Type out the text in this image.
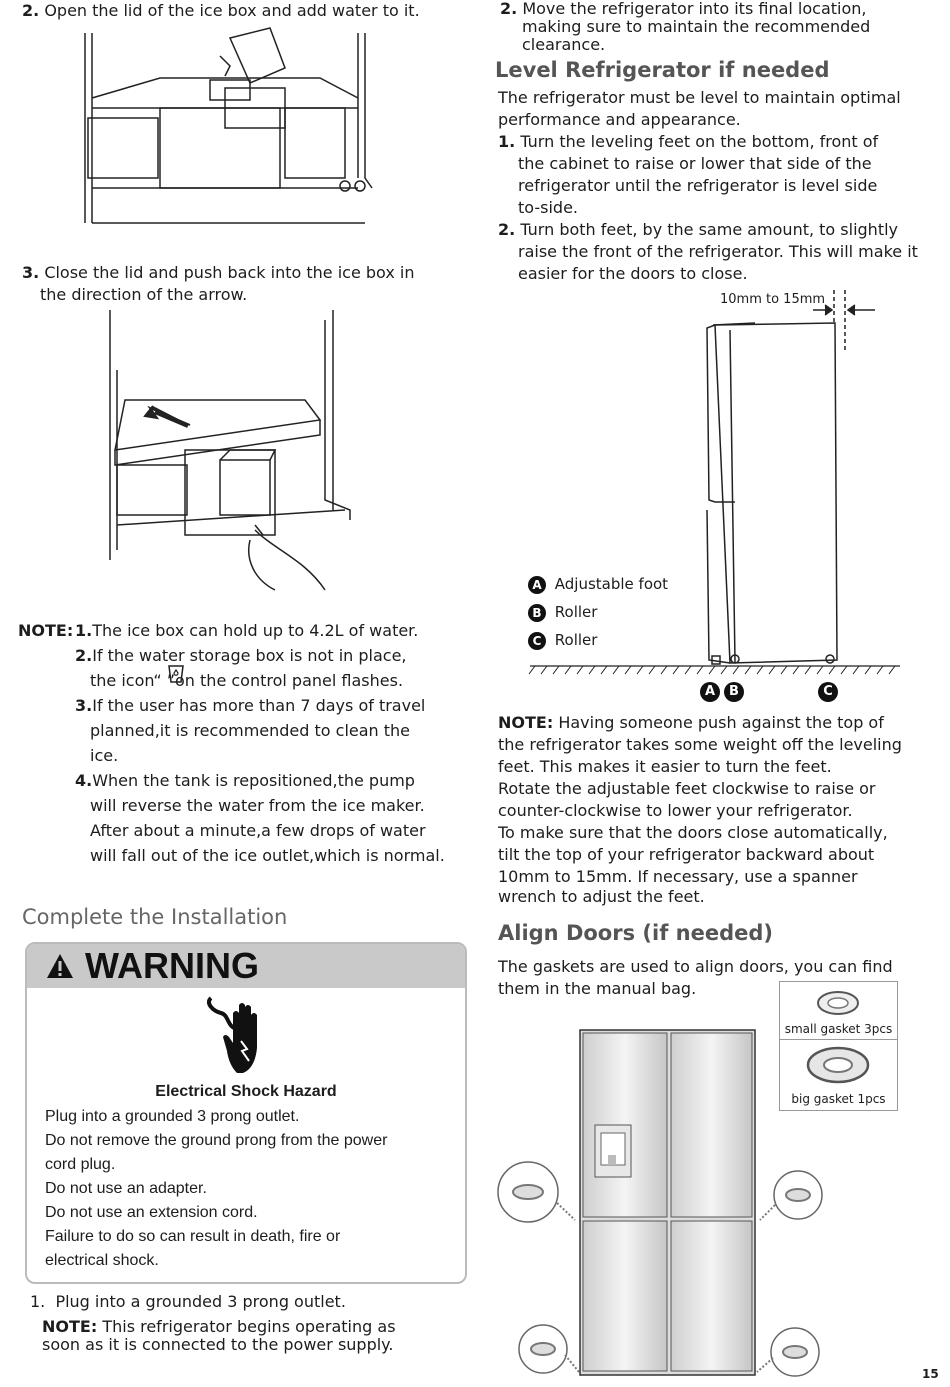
2. Open the lid of the ice box and add water to it.
3. Close the lid and push back into the ice box in
the direction of the arrow.
NOTE: 1. The ice box can hold up to 4.2L of water.
2. If the water storage box is not in place,
the icon“ ”on the control panel flashes.
3. If the user has more than 7 days of travel
planned,it is recommended to clean the
ice.
4. When the tank is repositioned,the pump
will reverse the water from the ice maker.
After about a minute,a few drops of water
will fall out of the ice outlet,which is normal.
Complete the Installation
WARNING
Electrical Shock Hazard
Plug into a grounded 3 prong outlet.
Do not remove the ground prong from the power
cord plug.
Do not use an adapter.
Do not use an extension cord.
Failure to do so can result in death, fire or
electrical shock.
1. Plug into a grounded 3 prong outlet.
NOTE: This refrigerator begins operating as
soon as it is connected to the power supply.
2. Move the refrigerator into its final location,
making sure to maintain the recommended
clearance.
Level Refrigerator if needed
The refrigerator must be level to maintain optimal
performance and appearance.
1. Turn the leveling feet on the bottom, front of
the cabinet to raise or lower that side of the
refrigerator until the refrigerator is level side
to-side.
2. Turn both feet, by the same amount, to slightly
raise the front of the refrigerator. This will make it
easier for the doors to close.
10mm to 15mm
A Adjustable foot
B Roller
C Roller
A	B	C
NOTE: Having someone push against the top of
the refrigerator takes some weight off the leveling
feet. This makes it easier to turn the feet.
Rotate the adjustable feet clockwise to raise or
counter-clockwise to lower your refrigerator.
To make sure that the doors close automatically,
tilt the top of your refrigerator backward about
10mm to 15mm. If necessary, use a spanner
wrench to adjust the feet.
Align Doors (if needed)
The gaskets are used to align doors, you can find
them in the manual bag.
small gasket 3pcs
big gasket 1pcs
15
